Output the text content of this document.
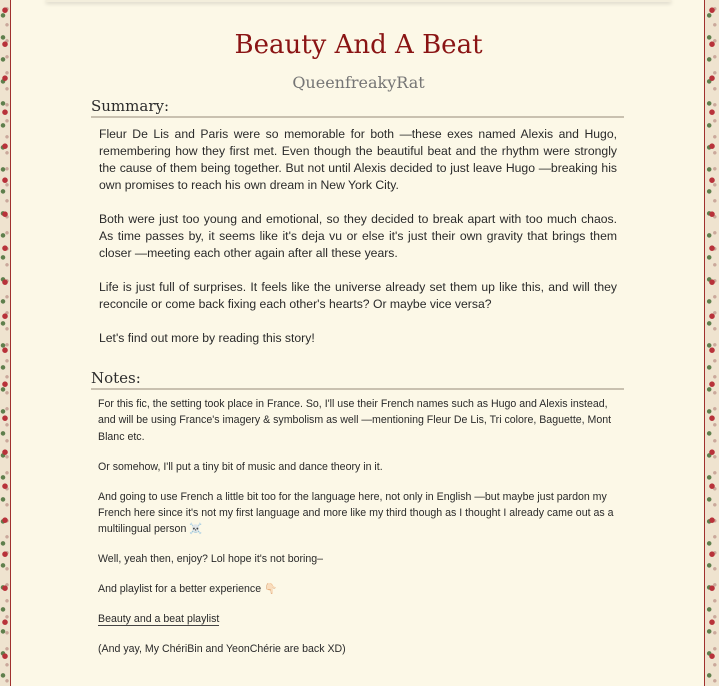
Beauty And A Beat
QueenfreakyRat
Summary:

Fleur De Lis and Paris were so memorable for both —these exes named Alexis and Hugo, remembering how they first met. Even though the beautiful beat and the rhythm were strongly the cause of them being together. But not until Alexis decided to just leave Hugo —breaking his own promises to reach his own dream in New York City.

Both were just too young and emotional, so they decided to break apart with too much chaos. As time passes by, it seems like it's deja vu or else it's just their own gravity that brings them closer —meeting each other again after all these years.

Life is just full of surprises. It feels like the universe already set them up like this, and will they reconcile or come back fixing each other's hearts? Or maybe vice versa?

Let's find out more by reading this story!

Notes:

For this fic, the setting took place in France. So, I'll use their French names such as Hugo and Alexis instead, and will be using France's imagery & symbolism as well —mentioning Fleur De Lis, Tri colore, Baguette, Mont Blanc etc.

Or somehow, I'll put a tiny bit of music and dance theory in it.

And going to use French a little bit too for the language here, not only in English —but maybe just pardon my French here since it's not my first language and more like my third though as I thought I already came out as a multilingual person ☠️

Well, yeah then, enjoy? Lol hope it's not boring–

And playlist for a better experience 👇🏻

Beauty and a beat playlist

(And yay, My ChériBin and YeonChérie are back XD)
